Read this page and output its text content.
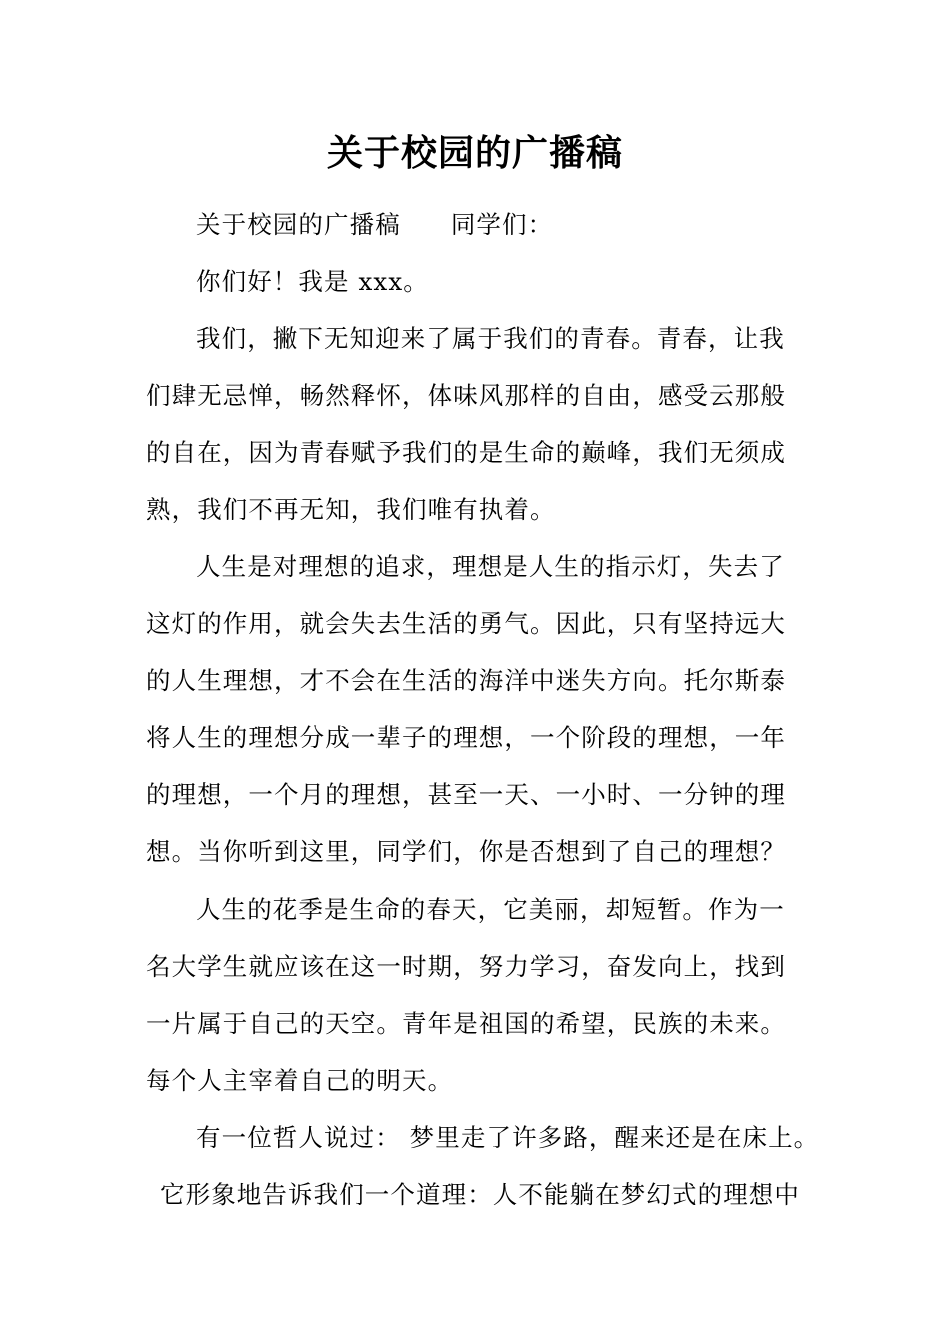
关于校园的广播稿
关于校园的广播稿 同学们：
你们好！我是 xxx。
我们，撇下无知迎来了属于我们的青春。青春，让我
们肆无忌惮，畅然释怀，体味风那样的自由，感受云那般
的自在，因为青春赋予我们的是生命的巅峰，我们无须成
熟，我们不再无知，我们唯有执着。
人生是对理想的追求，理想是人生的指示灯，失去了
这灯的作用，就会失去生活的勇气。因此，只有坚持远大
的人生理想，才不会在生活的海洋中迷失方向。托尔斯泰
将人生的理想分成一辈子的理想，一个阶段的理想，一年
的理想，一个月的理想，甚至一天、一小时、一分钟的理
想。当你听到这里，同学们，你是否想到了自己的理想？
人生的花季是生命的春天，它美丽，却短暂。作为一
名大学生就应该在这一时期，努力学习，奋发向上，找到
一片属于自己的天空。青年是祖国的希望，民族的未来。
每个人主宰着自己的明天。
有一位哲人说过： 梦里走了许多路，醒来还是在床上。
它形象地告诉我们一个道理：人不能躺在梦幻式的理想中
